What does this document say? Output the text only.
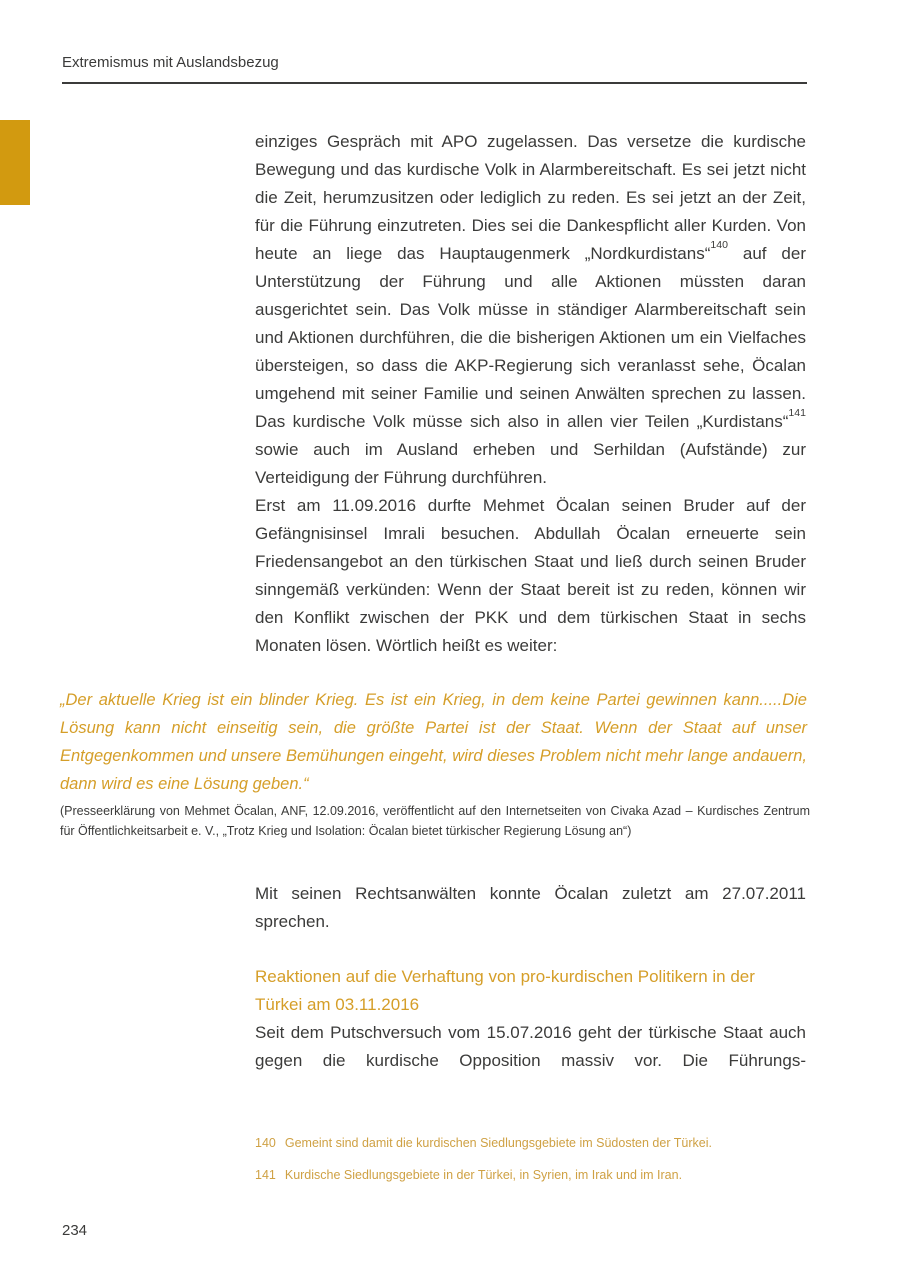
Extremismus mit Auslandsbezug

einziges Gespräch mit APO zugelassen. Das versetze die kurdische Bewegung und das kurdische Volk in Alarmbereitschaft. Es sei jetzt nicht die Zeit, herumzusitzen oder lediglich zu reden. Es sei jetzt an der Zeit, für die Führung einzutreten. Dies sei die Dankespflicht aller Kurden. Von heute an liege das Hauptaugenmerk „Nordkurdistans“$^{140}$ auf der Unterstützung der Führung und alle Aktionen müssten daran ausgerichtet sein. Das Volk müsse in ständiger Alarmbereitschaft sein und Aktionen durchführen, die die bisherigen Aktionen um ein Vielfaches übersteigen, so dass die AKP-Regierung sich veranlasst sehe, Öcalan umgehend mit seiner Familie und seinen Anwälten sprechen zu lassen. Das kurdische Volk müsse sich also in allen vier Teilen „Kurdistans“$^{141}$ sowie auch im Ausland erheben und Serhildan (Aufstände) zur Verteidigung der Führung durchführen.

Erst am 11.09.2016 durfte Mehmet Öcalan seinen Bruder auf der Gefängnisinsel Imrali besuchen. Abdullah Öcalan erneuerte sein Friedensangebot an den türkischen Staat und ließ durch seinen Bruder sinngemäß verkünden: Wenn der Staat bereit ist zu reden, können wir den Konflikt zwischen der PKK und dem türkischen Staat in sechs Monaten lösen. Wörtlich heißt es weiter:

„Der aktuelle Krieg ist ein blinder Krieg. Es ist ein Krieg, in dem keine Partei gewinnen kann.....Die Lösung kann nicht einseitig sein, die größte Partei ist der Staat. Wenn der Staat auf unser Entgegenkommen und unsere Bemühungen eingeht, wird dieses Problem nicht mehr lange andauern, dann wird es eine Lösung geben.“
(Presseerklärung von Mehmet Öcalan, ANF, 12.09.2016, veröffentlicht auf den Internetseiten von Civaka Azad – Kurdisches Zentrum für Öffentlichkeitsarbeit e. V., „Trotz Krieg und Isolation: Öcalan bietet türkischer Regierung Lösung an“)

Mit seinen Rechtsanwälten konnte Öcalan zuletzt am 27.07.2011 sprechen.

Reaktionen auf die Verhaftung von pro-kurdischen Politikern in der Türkei am 03.11.2016

Seit dem Putschversuch vom 15.07.2016 geht der türkische Staat auch gegen die kurdische Opposition massiv vor. Die Führungs-

140 Gemeint sind damit die kurdischen Siedlungsgebiete im Südosten der Türkei.
141 Kurdische Siedlungsgebiete in der Türkei, in Syrien, im Irak und im Iran.
234
